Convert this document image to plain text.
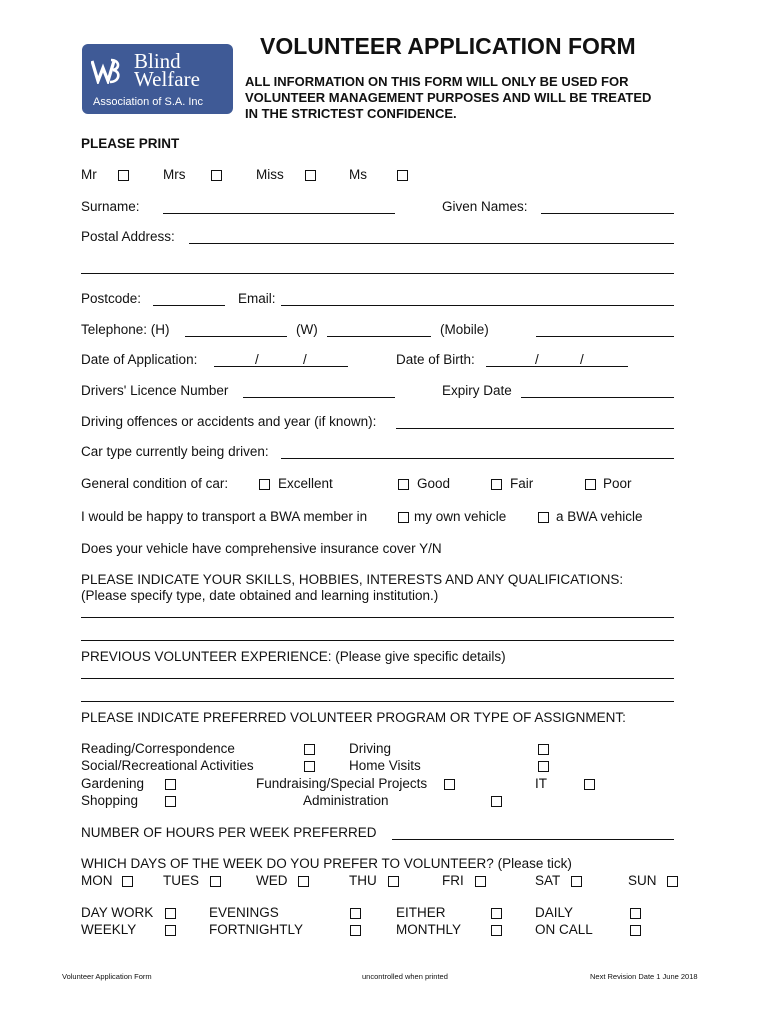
Blind
Welfare
Association of S.A. Inc
VOLUNTEER APPLICATION FORM
ALL INFORMATION ON THIS FORM WILL ONLY BE USED FOR
VOLUNTEER MANAGEMENT PURPOSES AND WILL BE TREATED
IN THE STRICTEST CONFIDENCE.
PLEASE PRINT
Mr	Mrs	Miss	Ms
Surname:	Given Names:
Postal Address:
Postcode:	Email:
Telephone: (H)	(W)	(Mobile)
Date of Application:	/	/	Date of Birth:	/	/
Drivers' Licence Number	Expiry Date
Driving offences or accidents and year (if known):
Car type currently being driven:
General condition of car:	Excellent	Good	Fair	Poor
I would be happy to transport a BWA member in	my own vehicle	a BWA vehicle
Does your vehicle have comprehensive insurance cover Y/N
PLEASE INDICATE YOUR SKILLS, HOBBIES, INTERESTS AND ANY QUALIFICATIONS:
(Please specify type, date obtained and learning institution.)
PREVIOUS VOLUNTEER EXPERIENCE: (Please give specific details)
PLEASE INDICATE PREFERRED VOLUNTEER PROGRAM OR TYPE OF ASSIGNMENT:
Reading/Correspondence	Driving
Social/Recreational Activities	Home Visits
Gardening	Fundraising/Special Projects	IT
Shopping	Administration
NUMBER OF HOURS PER WEEK PREFERRED
WHICH DAYS OF THE WEEK DO YOU PREFER TO VOLUNTEER? (Please tick)
MON	TUES	WED	THU	FRI	SAT	SUN
DAY WORK	EVENINGS	EITHER	DAILY
WEEKLY	FORTNIGHTLY	MONTHLY	ON CALL
Volunteer Application Form	uncontrolled when printed	Next Revision Date 1 June 2018
